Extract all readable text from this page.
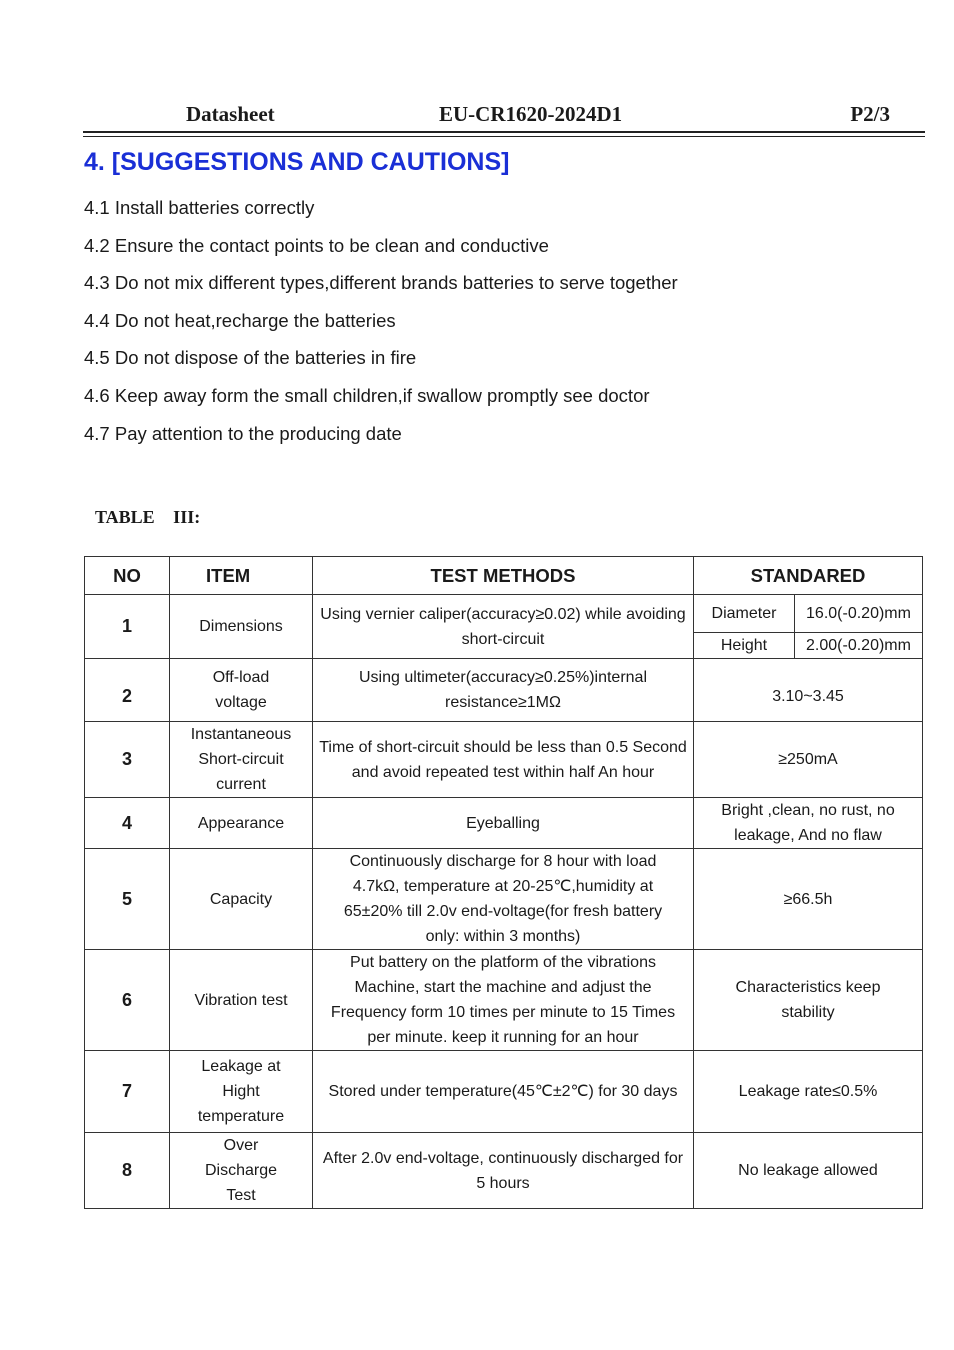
Datasheet	EU-CR1620-2024D1	P2/3
4. [SUGGESTIONS AND CAUTIONS]
4.1 Install batteries correctly
4.2 Ensure the contact points to be clean and conductive
4.3 Do not mix different types,different brands batteries to serve together
4.4 Do not heat,recharge the batteries
4.5 Do not dispose of the batteries in fire
4.6 Keep away form the small children,if swallow promptly see doctor
4.7 Pay attention to the producing date
TABLE III:
NO	ITEM	TEST METHODS	STANDARED	
1	Dimensions	Using vernier caliper(accuracy≥0.02) while avoiding short-circuit	Diameter	16.0(-0.20)mm
			Height	2.00(-0.20)mm
2	Off-load voltage	Using ultimeter(accuracy≥0.25%)internal resistance≥1MΩ	3.10~3.45	
3	Instantaneous Short-circuit current	Time of short-circuit should be less than 0.5 Second and avoid repeated test within half An hour	≥250mA	
4	Appearance	Eyeballing	Bright ,clean, no rust, no leakage, And no flaw	
5	Capacity	Continuously discharge for 8 hour with load 4.7kΩ, temperature at 20-25℃,humidity at 65±20% till 2.0v end-voltage(for fresh battery only: within 3 months)	≥66.5h	
6	Vibration test	Put battery on the platform of the vibrations Machine, start the machine and adjust the Frequency form 10 times per minute to 15 Times per minute. keep it running for an hour	Characteristics keep stability	
7	Leakage at Hight temperature	Stored under temperature(45℃±2℃) for 30 days	Leakage rate≤0.5%	
8	Over Discharge Test	After 2.0v end-voltage, continuously discharged for 5 hours	No leakage allowed	
